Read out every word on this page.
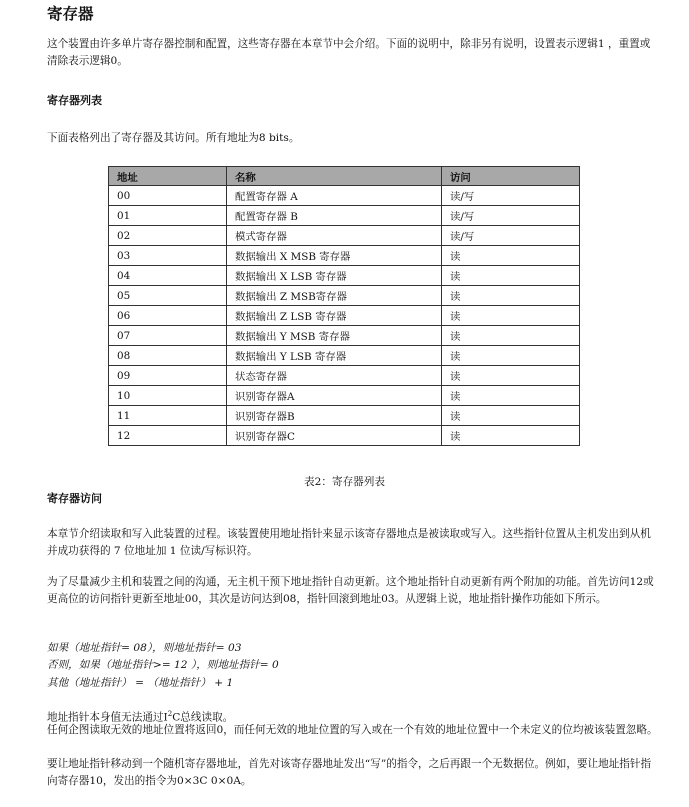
寄存器

这个装置由许多单片寄存器控制和配置，这些寄存器在本章节中会介绍。下面的说明中，除非另有说明，设置表示逻辑1 ，重置或清除表示逻辑0。

寄存器列表

下面表格列出了寄存器及其访问。所有地址为8 bits。

地址	名称	访问
00	配置寄存器 A	读/写
01	配置寄存器 B	读/写
02	模式寄存器	读/写
03	数据输出 X MSB 寄存器	读
04	数据输出 X LSB 寄存器	读
05	数据输出 Z MSB寄存器	读
06	数据输出 Z LSB 寄存器	读
07	数据输出 Y MSB 寄存器	读
08	数据输出 Y LSB 寄存器	读
09	状态寄存器	读
10	识别寄存器A	读
11	识别寄存器B	读
12	识别寄存器C	读

表2：寄存器列表

寄存器访问

本章节介绍读取和写入此装置的过程。该装置使用地址指针来显示该寄存器地点是被读取或写入。这些指针位置从主机发出到从机并成功获得的 7 位地址加 1 位读/写标识符。

为了尽量减少主机和装置之间的沟通，无主机干预下地址指针自动更新。这个地址指针自动更新有两个附加的功能。首先访问12或更高位的访问指针更新至地址00，其次是访问达到08，指针回滚到地址03。从逻辑上说，地址指针操作功能如下所示。

如果（地址指针= 08），则地址指针= 03

否则，如果（地址指针>= 12 ），则地址指针= 0

其他（地址指针） = （地址指针） + 1

地址指针本身值无法通过$I^2C$总线读取。

任何企图读取无效的地址位置将返回0，而任何无效的地址位置的写入或在一个有效的地址位置中一个未定义的位均被该装置忽略。

要让地址指针移动到一个随机寄存器地址，首先对该寄存器地址发出“写”的指令，之后再跟一个无数据位。例如，要让地址指针指向寄存器10，发出的指令为0×3C 0×0A。
